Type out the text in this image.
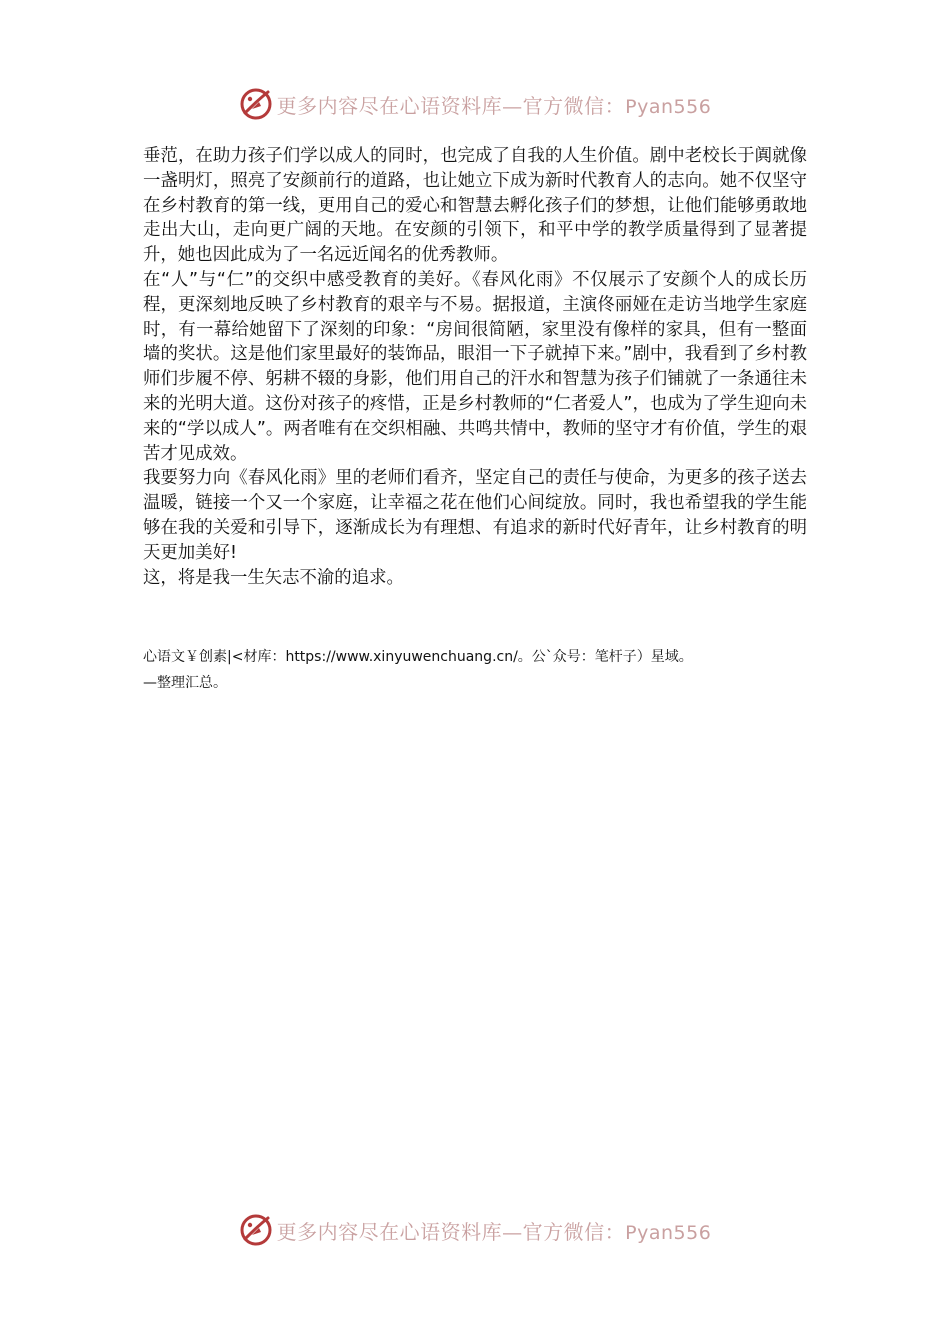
更多内容尽在心语资料库—官方微信：Pyan556

垂范，在助力孩子们学以成人的同时，也完成了自我的人生价值。剧中老校长于阗就像一盏明灯，照亮了安颜前行的道路，也让她立下成为新时代教育人的志向。她不仅坚守在乡村教育的第一线，更用自己的爱心和智慧去孵化孩子们的梦想，让他们能够勇敢地走出大山，走向更广阔的天地。在安颜的引领下，和平中学的教学质量得到了显著提升，她也因此成为了一名远近闻名的优秀教师。

在“人”与“仁”的交织中感受教育的美好。《春风化雨》不仅展示了安颜个人的成长历程，更深刻地反映了乡村教育的艰辛与不易。据报道，主演佟丽娅在走访当地学生家庭时，有一幕给她留下了深刻的印象：“房间很简陋，家里没有像样的家具，但有一整面墙的奖状。这是他们家里最好的装饰品，眼泪一下子就掉下来。”剧中，我看到了乡村教师们步履不停、躬耕不辍的身影，他们用自己的汗水和智慧为孩子们铺就了一条通往未来的光明大道。这份对孩子的疼惜，正是乡村教师的“仁者爱人”，也成为了学生迎向未来的“学以成人”。两者唯有在交织相融、共鸣共情中，教师的坚守才有价值，学生的艰苦才见成效。

我要努力向《春风化雨》里的老师们看齐，坚定自己的责任与使命，为更多的孩子送去温暖，链接一个又一个家庭，让幸福之花在他们心间绽放。同时，我也希望我的学生能够在我的关爱和引导下，逐渐成长为有理想、有追求的新时代好青年，让乡村教育的明天更加美好!

这，将是我一生矢志不渝的追求。

心语文￥创素|<材库：https://www.xinyuwenchuang.cn/。公`众号：笔杆子）星域。
—整理汇总。
更多内容尽在心语资料库—官方微信：Pyan556
